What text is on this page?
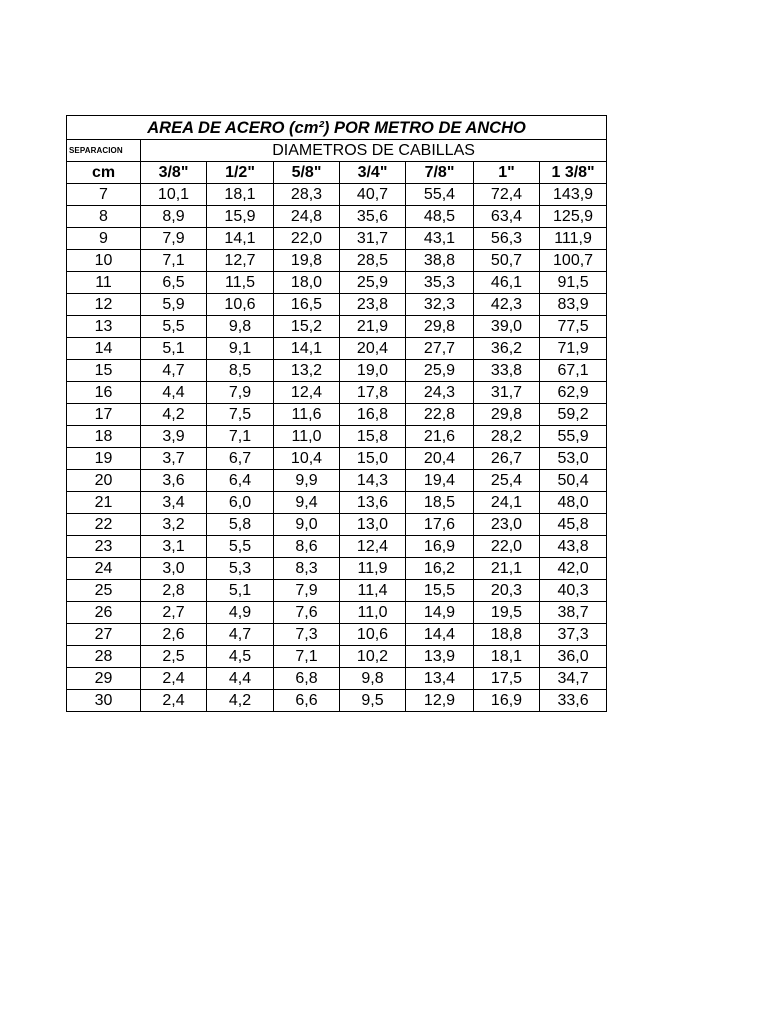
AREA DE ACERO (cm²) POR METRO DE ANCHO							
SEPARACION	DIAMETROS DE CABILLAS						
cm	3/8"	1/2"	5/8"	3/4"	7/8"	1"	1 3/8"
7	10,1	18,1	28,3	40,7	55,4	72,4	143,9
8	8,9	15,9	24,8	35,6	48,5	63,4	125,9
9	7,9	14,1	22,0	31,7	43,1	56,3	111,9
10	7,1	12,7	19,8	28,5	38,8	50,7	100,7
11	6,5	11,5	18,0	25,9	35,3	46,1	91,5
12	5,9	10,6	16,5	23,8	32,3	42,3	83,9
13	5,5	9,8	15,2	21,9	29,8	39,0	77,5
14	5,1	9,1	14,1	20,4	27,7	36,2	71,9
15	4,7	8,5	13,2	19,0	25,9	33,8	67,1
16	4,4	7,9	12,4	17,8	24,3	31,7	62,9
17	4,2	7,5	11,6	16,8	22,8	29,8	59,2
18	3,9	7,1	11,0	15,8	21,6	28,2	55,9
19	3,7	6,7	10,4	15,0	20,4	26,7	53,0
20	3,6	6,4	9,9	14,3	19,4	25,4	50,4
21	3,4	6,0	9,4	13,6	18,5	24,1	48,0
22	3,2	5,8	9,0	13,0	17,6	23,0	45,8
23	3,1	5,5	8,6	12,4	16,9	22,0	43,8
24	3,0	5,3	8,3	11,9	16,2	21,1	42,0
25	2,8	5,1	7,9	11,4	15,5	20,3	40,3
26	2,7	4,9	7,6	11,0	14,9	19,5	38,7
27	2,6	4,7	7,3	10,6	14,4	18,8	37,3
28	2,5	4,5	7,1	10,2	13,9	18,1	36,0
29	2,4	4,4	6,8	9,8	13,4	17,5	34,7
30	2,4	4,2	6,6	9,5	12,9	16,9	33,6
